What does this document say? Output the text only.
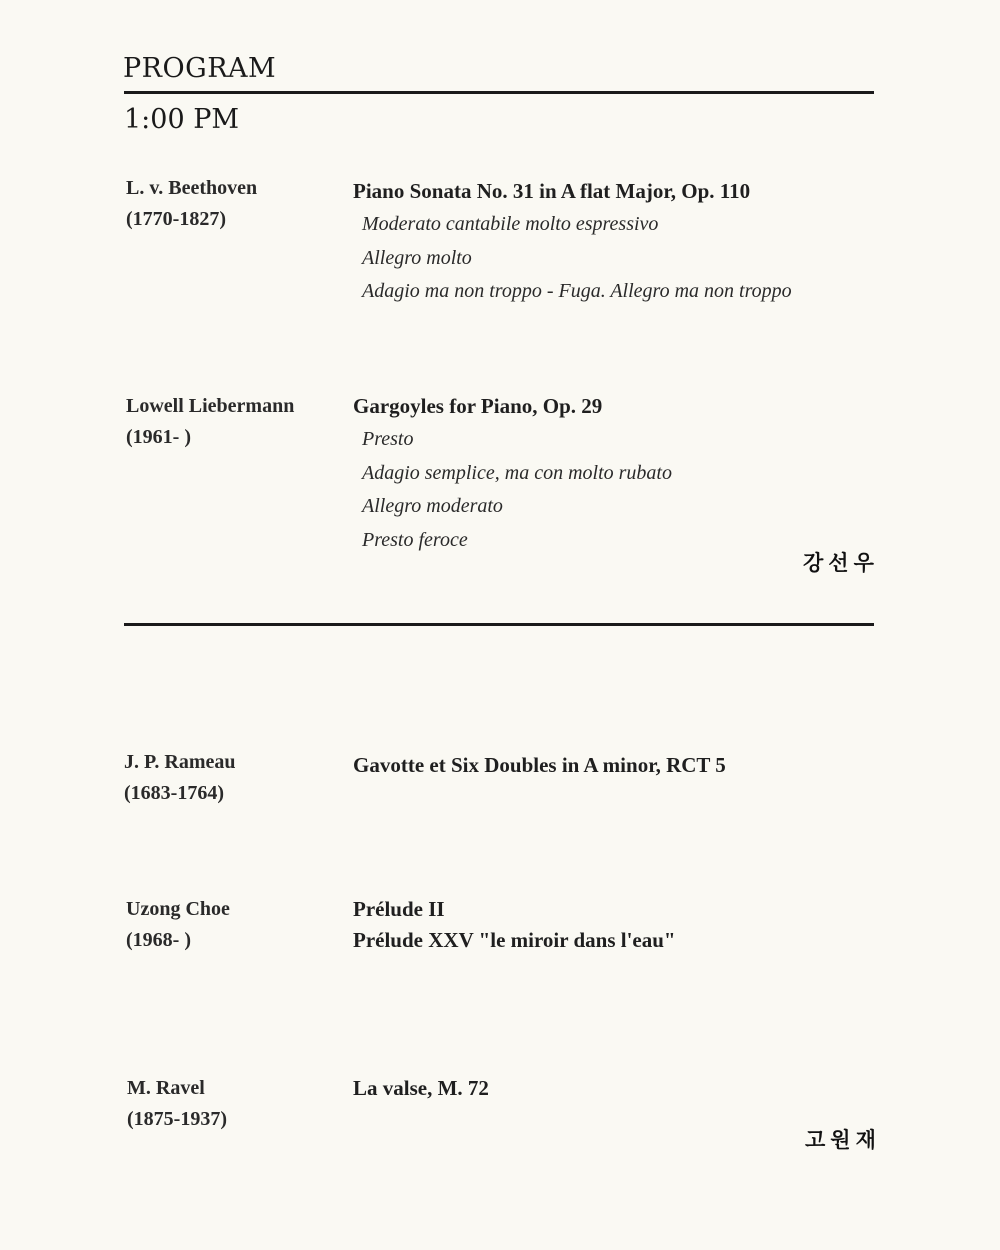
PROGRAM
1:00 PM
L. v. Beethoven
(1770-1827)
Piano Sonata No. 31 in A flat Major, Op. 110
Moderato cantabile molto espressivo
Allegro molto
Adagio ma non troppo - Fuga. Allegro ma non troppo
Lowell Liebermann
(1961- )
Gargoyles for Piano, Op. 29
Presto
Adagio semplice, ma con molto rubato
Allegro moderato
Presto feroce
강선우
J. P. Rameau
(1683-1764)
Gavotte et Six Doubles in A minor, RCT 5
Uzong Choe
(1968- )
Prélude II
Prélude XXV "le miroir dans l'eau"
M. Ravel
(1875-1937)
La valse, M. 72
고원재
